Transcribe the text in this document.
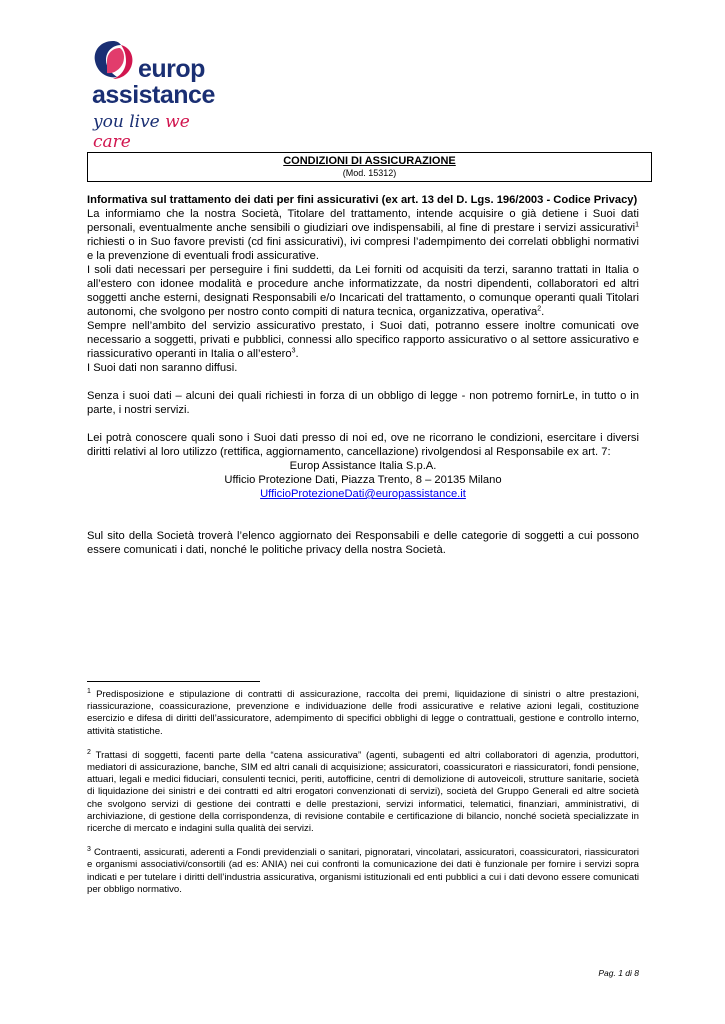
europ
assistance
you live we care
CONDIZIONI DI ASSICURAZIONE
(Mod. 15312)

Informativa sul trattamento dei dati per fini assicurativi (ex art. 13 del D. Lgs. 196/2003 - Codice Privacy)

La informiamo che la nostra Società, Titolare del trattamento, intende acquisire o già detiene i Suoi dati personali, eventualmente anche sensibili o giudiziari ove indispensabili, al fine di prestare i servizi assicurativi$^1$ richiesti o in Suo favore previsti (cd fini assicurativi), ivi compresi l’adempimento dei correlati obblighi normativi e la prevenzione di eventuali frodi assicurative.

I soli dati necessari per perseguire i fini suddetti, da Lei forniti od acquisiti da terzi, saranno trattati in Italia o all’estero con idonee modalità e procedure anche informatizzate, da nostri dipendenti, collaboratori ed altri soggetti anche esterni, designati Responsabili e/o Incaricati del trattamento, o comunque operanti quali Titolari autonomi, che svolgono per nostro conto compiti di natura tecnica, organizzativa, operativa$^2$.

Sempre nell’ambito del servizio assicurativo prestato, i Suoi dati, potranno essere inoltre comunicati ove necessario a soggetti, privati e pubblici, connessi allo specifico rapporto assicurativo o al settore assicurativo e riassicurativo operanti in Italia o all’estero$^3$.

I Suoi dati non saranno diffusi.

Senza i suoi dati – alcuni dei quali richiesti in forza di un obbligo di legge - non potremo fornirLe, in tutto o in parte, i nostri servizi.

Lei potrà conoscere quali sono i Suoi dati presso di noi ed, ove ne ricorrano le condizioni, esercitare i diversi diritti relativi al loro utilizzo (rettifica, aggiornamento, cancellazione) rivolgendosi al Responsabile ex art. 7:

Europ Assistance Italia S.p.A.

Ufficio Protezione Dati, Piazza Trento, 8 – 20135 Milano

UfficioProtezioneDati@europassistance.it

Sul sito della Società troverà l’elenco aggiornato dei Responsabili e delle categorie di soggetti a cui possono essere comunicati i dati, nonché le politiche privacy della nostra Società.

$^1$ Predisposizione e stipulazione di contratti di assicurazione, raccolta dei premi, liquidazione di sinistri o altre prestazioni, riassicurazione, coassicurazione, prevenzione e individuazione delle frodi assicurative e relative azioni legali, costituzione esercizio e difesa di diritti dell’assicuratore, adempimento di specifici obblighi di legge o contrattuali, gestione e controllo interno, attività statistiche.

$^2$ Trattasi di soggetti, facenti parte della “catena assicurativa” (agenti, subagenti ed altri collaboratori di agenzia, produttori, mediatori di assicurazione, banche, SIM ed altri canali di acquisizione; assicuratori, coassicuratori e riassicuratori, fondi pensione, attuari, legali e medici fiduciari, consulenti tecnici, periti, autofficine, centri di demolizione di autoveicoli, strutture sanitarie, società di liquidazione dei sinistri e dei contratti ed altri erogatori convenzionati di servizi), società del Gruppo Generali ed altre società che svolgono servizi di gestione dei contratti e delle prestazioni, servizi informatici, telematici, finanziari, amministrativi, di archiviazione, di gestione della corrispondenza, di revisione contabile e certificazione di bilancio, nonché società specializzate in ricerche di mercato e indagini sulla qualità dei servizi.

$^3$ Contraenti, assicurati, aderenti a Fondi previdenziali o sanitari, pignoratari, vincolatari, assicuratori, coassicuratori, riassicuratori e organismi associativi/consortili (ad es: ANIA) nei cui confronti la comunicazione dei dati è funzionale per fornire i servizi sopra indicati e per tutelare i diritti dell’industria assicurativa, organismi istituzionali ed enti pubblici a cui i dati devono essere comunicati per obbligo normativo.

Pag. 1 di 8
